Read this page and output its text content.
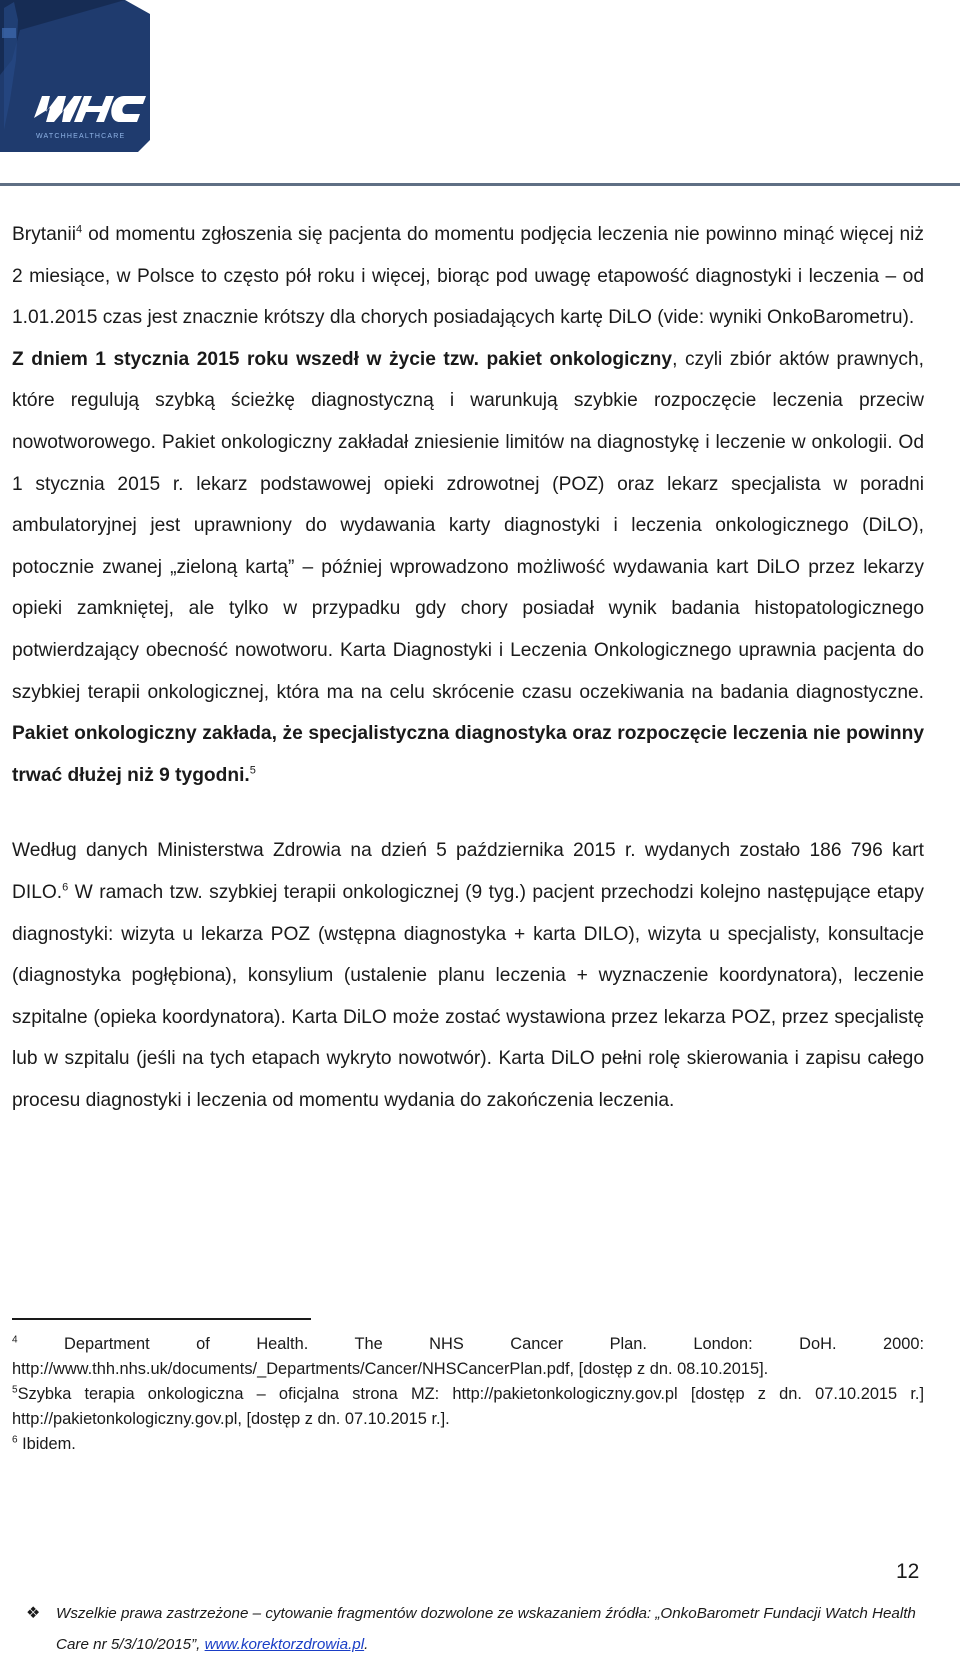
WATCHHEALTHCARE

Brytanii$^4$ od momentu zgłoszenia się pacjenta do momentu podjęcia leczenia nie powinno minąć więcej niż 2 miesiące, w Polsce to często pół roku i więcej, biorąc pod uwagę etapowość diagnostyki i leczenia – od 1.01.2015 czas jest znacznie krótszy dla chorych posiadających kartę DiLO (vide: wyniki OnkoBarometru).

Z dniem 1 stycznia 2015 roku wszedł w życie tzw. pakiet onkologiczny, czyli zbiór aktów prawnych, które regulują szybką ścieżkę diagnostyczną i warunkują szybkie rozpoczęcie leczenia przeciw nowotworowego. Pakiet onkologiczny zakładał zniesienie limitów na diagnostykę i leczenie w onkologii. Od 1 stycznia 2015 r. lekarz podstawowej opieki zdrowotnej (POZ) oraz lekarz specjalista w poradni ambulatoryjnej jest uprawniony do wydawania karty diagnostyki i leczenia onkologicznego (DiLO), potocznie zwanej „zieloną kartą” – później wprowadzono możliwość wydawania kart DiLO przez lekarzy opieki zamkniętej, ale tylko w przypadku gdy chory posiadał wynik badania histopatologicznego potwierdzający obecność nowotworu. Karta Diagnostyki i Leczenia Onkologicznego uprawnia pacjenta do szybkiej terapii onkologicznej, która ma na celu skrócenie czasu oczekiwania na badania diagnostyczne. Pakiet onkologiczny zakłada, że specjalistyczna diagnostyka oraz rozpoczęcie leczenia nie powinny trwać dłużej niż 9 tygodni.$^5$

Według danych Ministerstwa Zdrowia na dzień 5 października 2015 r. wydanych zostało 186 796 kart DILO.$^6$ W ramach tzw. szybkiej terapii onkologicznej (9 tyg.) pacjent przechodzi kolejno następujące etapy diagnostyki: wizyta u lekarza POZ (wstępna diagnostyka + karta DILO), wizyta u specjalisty, konsultacje (diagnostyka pogłębiona), konsylium (ustalenie planu leczenia + wyznaczenie koordynatora), leczenie szpitalne (opieka koordynatora). Karta DiLO może zostać wystawiona przez lekarza POZ, przez specjalistę lub w szpitalu (jeśli na tych etapach wykryto nowotwór). Karta DiLO pełni rolę skierowania i zapisu całego procesu diagnostyki i leczenia od momentu wydania do zakończenia leczenia.

$^4$ Department of Health. The NHS Cancer Plan. London: DoH. 2000: http://www.thh.nhs.uk/documents/_Departments/Cancer/NHSCancerPlan.pdf, [dostęp z dn. 08.10.2015].

$^5$Szybka terapia onkologiczna – oficjalna strona MZ: http://pakietonkologiczny.gov.pl [dostęp z dn. 07.10.2015 r.] http://pakietonkologiczny.gov.pl, [dostęp z dn. 07.10.2015 r.].

$^6$ Ibidem.

12
❖ Wszelkie prawa zastrzeżone – cytowanie fragmentów dozwolone ze wskazaniem źródła: „OnkoBarometr Fundacji Watch Health
Care nr 5/3/10/2015”, www.korektorzdrowia.pl.
